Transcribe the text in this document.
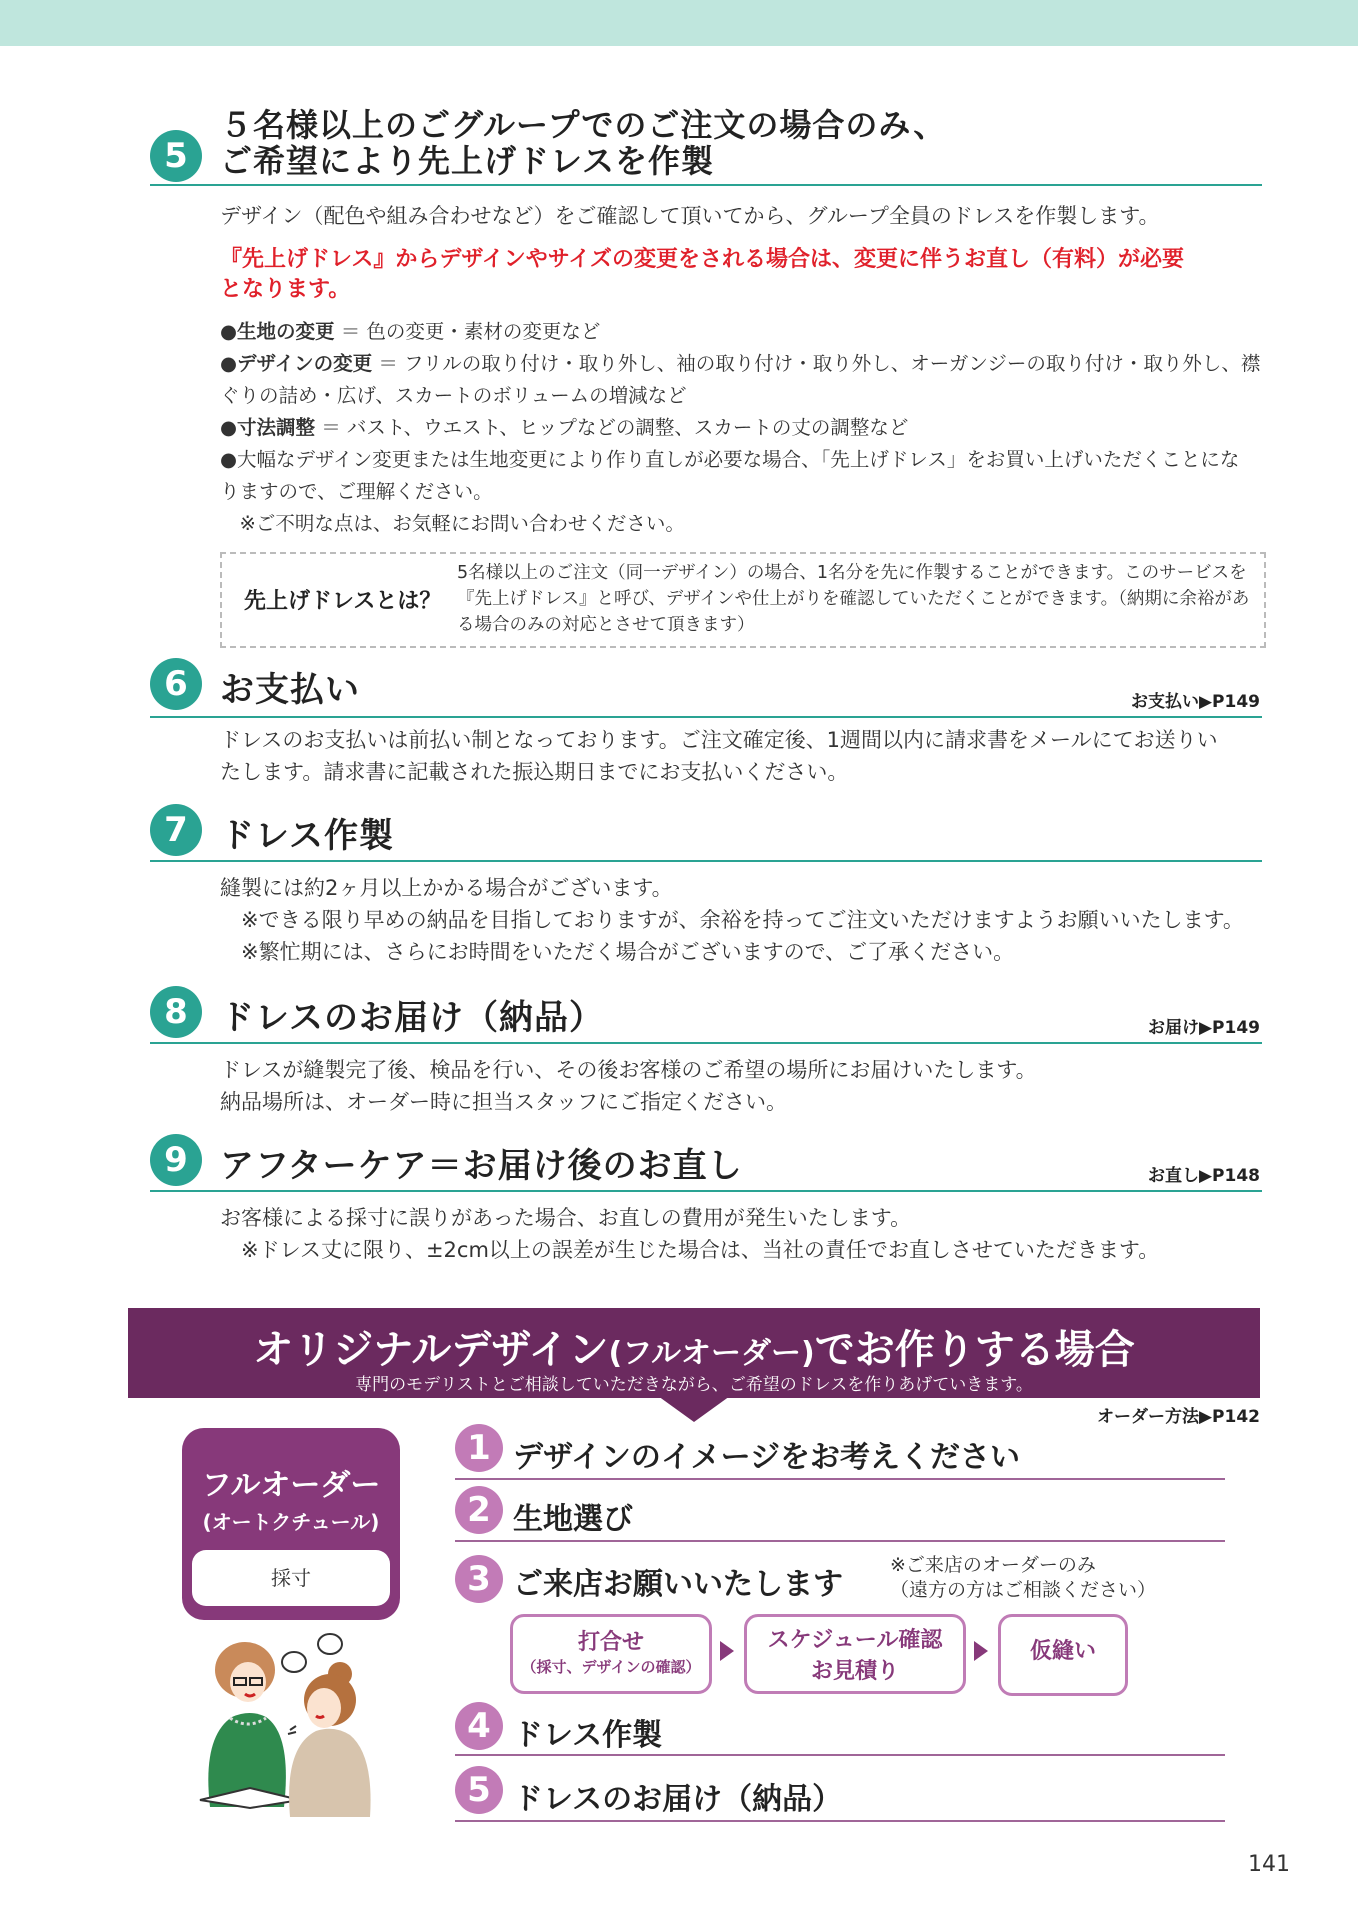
5
５名様以上のごグループでのご注文の場合のみ、
ご希望により先上げドレスを作製
デザイン（配色や組み合わせなど）をご確認して頂いてから、グループ全員のドレスを作製します。
『先上げドレス』からデザインやサイズの変更をされる場合は、変更に伴うお直し（有料）が必要
となります。
●生地の変更 ＝ 色の変更・素材の変更など
●デザインの変更 ＝ フリルの取り付け・取り外し、袖の取り付け・取り外し、オーガンジーの取り付け・取り外し、襟
ぐりの詰め・広げ、スカートのボリュームの増減など
●寸法調整 ＝ バスト、ウエスト、ヒップなどの調整、スカートの丈の調整など
●大幅なデザイン変更または生地変更により作り直しが必要な場合、「先上げドレス」をお買い上げいただくことにな
りますので、ご理解ください。
　※ご不明な点は、お気軽にお問い合わせください。
先上げドレスとは？
5名様以上のご注文（同一デザイン）の場合、1名分を先に作製することができます。このサービスを『先上げドレス』と呼び、デザインや仕上がりを確認していただくことができます。（納期に余裕がある場合のみの対応とさせて頂きます）
6 お支払い	お支払い▶P149
ドレスのお支払いは前払い制となっております。ご注文確定後、1週間以内に請求書をメールにてお送りい
たします。請求書に記載された振込期日までにお支払いください。
7 ドレス作製
縫製には約2ヶ月以上かかる場合がございます。
　※できる限り早めの納品を目指しておりますが、余裕を持ってご注文いただけますようお願いいたします。
　※繁忙期には、さらにお時間をいただく場合がございますので、ご了承ください。
8 ドレスのお届け（納品）	お届け▶P149
ドレスが縫製完了後、検品を行い、その後お客様のご希望の場所にお届けいたします。
納品場所は、オーダー時に担当スタッフにご指定ください。
9 アフターケア＝お届け後のお直し	お直し▶P148
お客様による採寸に誤りがあった場合、お直しの費用が発生いたします。
　※ドレス丈に限り、±2cm以上の誤差が生じた場合は、当社の責任でお直しさせていただきます。
オリジナルデザイン(フルオーダー)でお作りする場合
専門のモデリストとご相談していただきながら、ご希望のドレスを作りあげていきます。
オーダー方法▶P142
フルオーダー
(オートクチュール)
採寸
1 デザインのイメージをお考えください
2 生地選び
3 ご来店お願いいたします
※ご来店のオーダーのみ
（遠方の方はご相談ください）
打合せ
（採寸、デザインの確認）
スケジュール確認
お見積り
仮縫い
4 ドレス作製
5 ドレスのお届け（納品）
141
